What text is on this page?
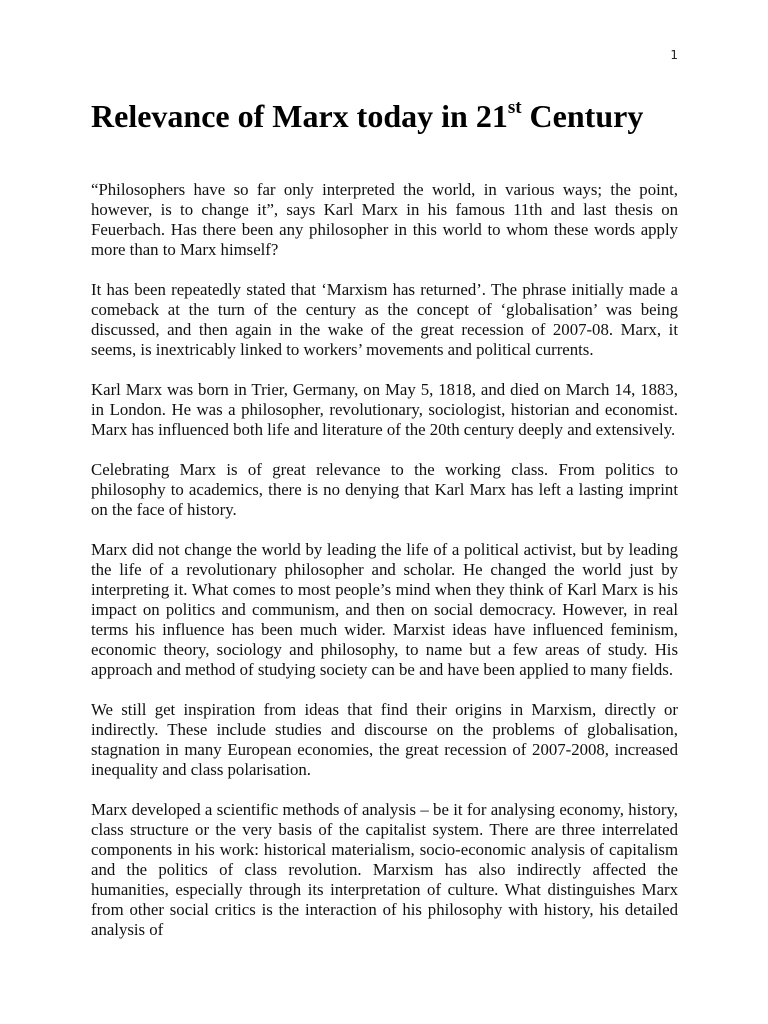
1
Relevance of Marx today in 21st Century

“Philosophers have so far only interpreted the world, in various ways; the point, however, is to change it”, says Karl Marx in his famous 11th and last thesis on Feuerbach. Has there been any philosopher in this world to whom these words apply more than to Marx himself?

It has been repeatedly stated that ‘Marxism has returned’. The phrase initially made a comeback at the turn of the century as the concept of ‘globalisation’ was being discussed, and then again in the wake of the great recession of 2007-08. Marx, it seems, is inextricably linked to workers’ movements and political currents.

Karl Marx was born in Trier, Germany, on May 5, 1818, and died on March 14, 1883, in London. He was a philosopher, revolutionary, sociologist, historian and economist. Marx has influenced both life and literature of the 20th century deeply and extensively.

Celebrating Marx is of great relevance to the working class. From politics to philosophy to academics, there is no denying that Karl Marx has left a lasting imprint on the face of history.

Marx did not change the world by leading the life of a political activist, but by leading the life of a revolutionary philosopher and scholar. He changed the world just by interpreting it. What comes to most people’s mind when they think of Karl Marx is his impact on politics and communism, and then on social democracy. However, in real terms his influence has been much wider. Marxist ideas have influenced feminism, economic theory, sociology and philosophy, to name but a few areas of study. His approach and method of studying society can be and have been applied to many fields.

We still get inspiration from ideas that find their origins in Marxism, directly or indirectly. These include studies and discourse on the problems of globalisation, stagnation in many European economies, the great recession of 2007-2008, increased inequality and class polarisation.

Marx developed a scientific methods of analysis – be it for analysing economy, history, class structure or the very basis of the capitalist system. There are three interrelated components in his work: historical materialism, socio-economic analysis of capitalism and the politics of class revolution. Marxism has also indirectly affected the humanities, especially through its interpretation of culture. What distinguishes Marx from other social critics is the interaction of his philosophy with history, his detailed analysis of
